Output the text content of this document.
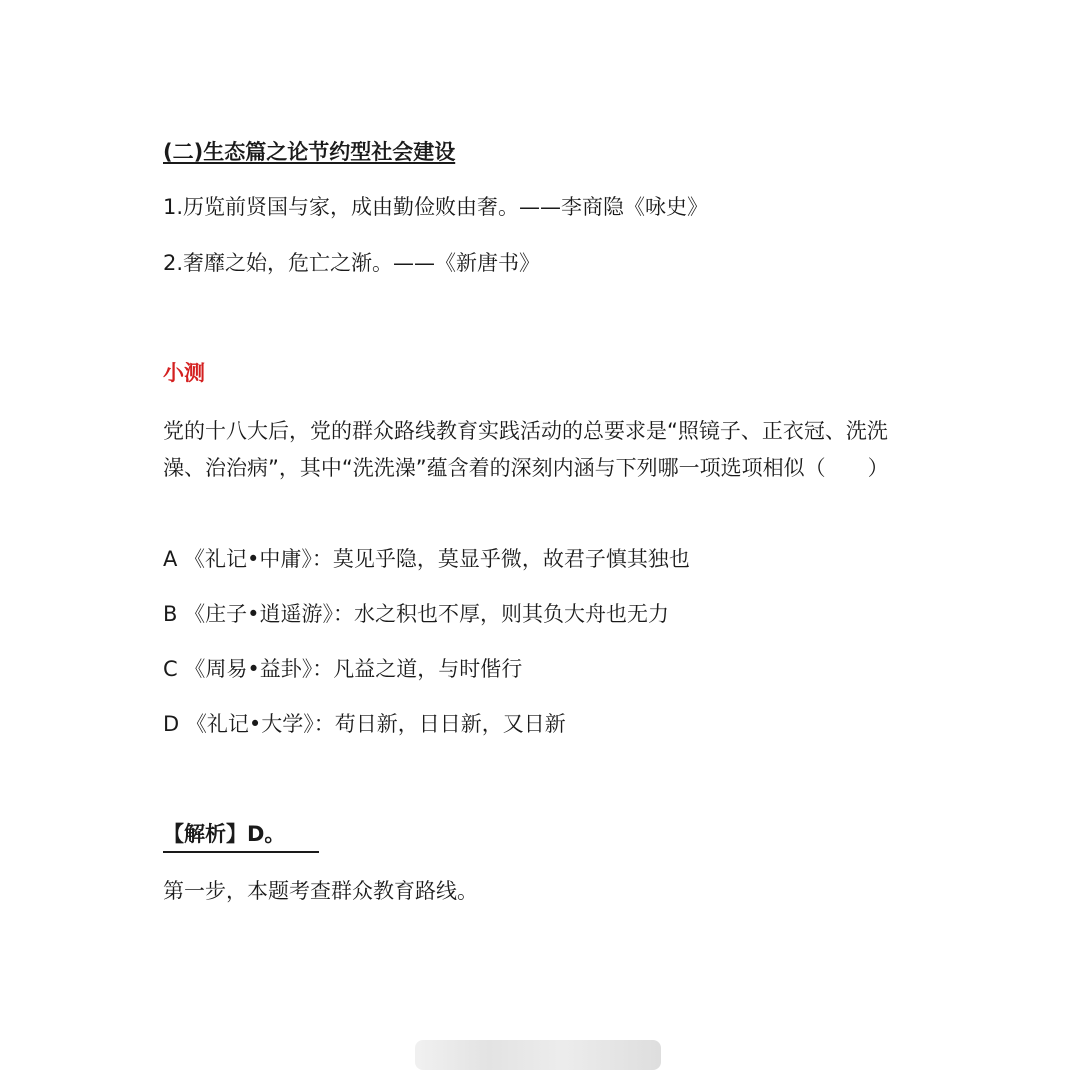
(二)生态篇之论节约型社会建设
1.历览前贤国与家，成由勤俭败由奢。——李商隐《咏史》
2.奢靡之始，危亡之渐。——《新唐书》
小测
党的十八大后，党的群众路线教育实践活动的总要求是“照镜子、正衣冠、洗洗澡、治治病”，其中“洗洗澡”蕴含着的深刻内涵与下列哪一项选项相似（　　）
A 《礼记•中庸》：莫见乎隐，莫显乎微，故君子慎其独也
B 《庄子•逍遥游》：水之积也不厚，则其负大舟也无力
C 《周易•益卦》：凡益之道，与时偕行
D 《礼记•大学》：苟日新，日日新，又日新
【解析】D。
第一步，本题考查群众教育路线。
